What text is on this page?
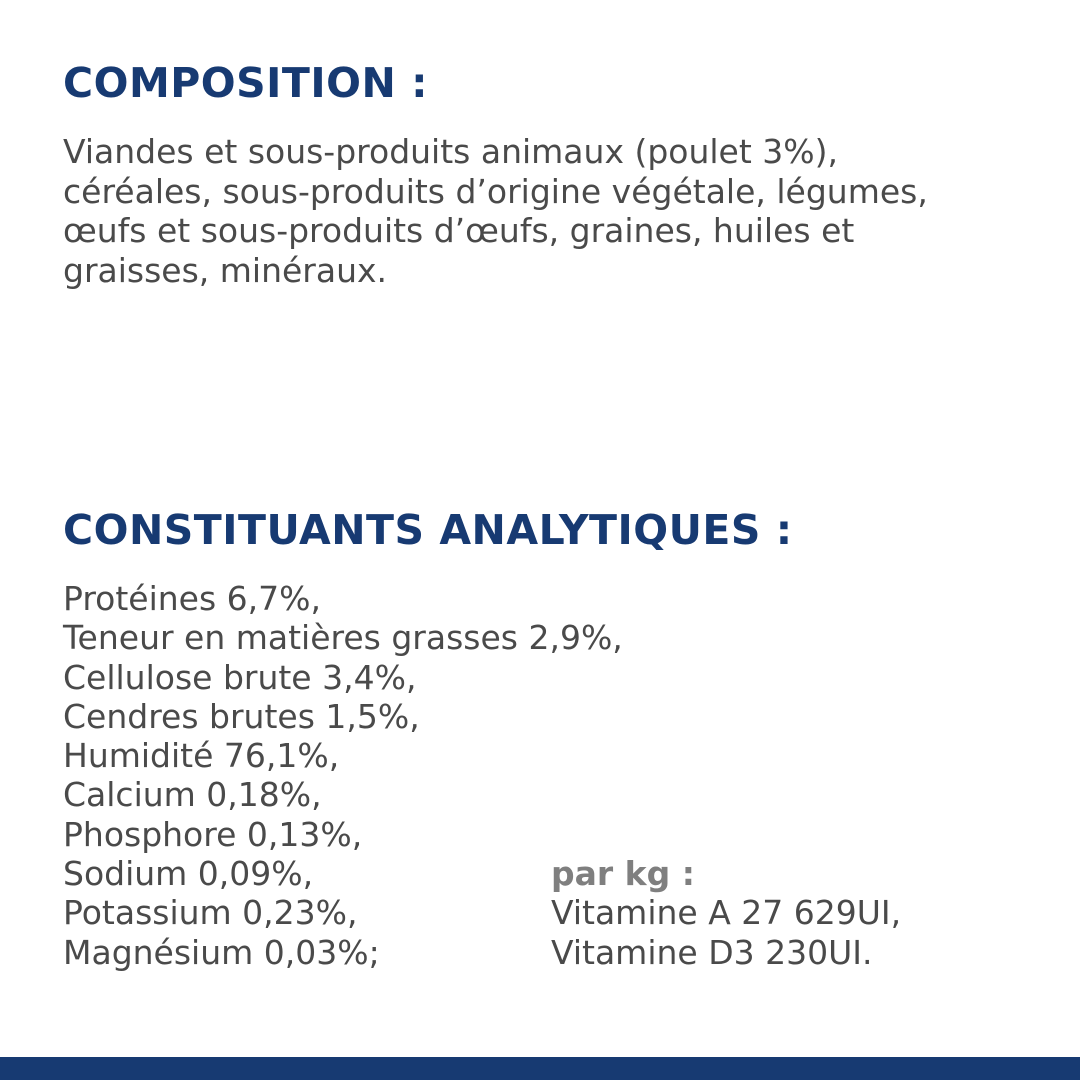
COMPOSITION :

Viandes et sous-produits animaux (poulet 3%),
céréales, sous-produits d’origine végétale, légumes,
œufs et sous-produits d’œufs, graines, huiles et
graisses, minéraux.

CONSTITUANTS ANALYTIQUES :
Protéines 6,7%,
Teneur en matières grasses 2,9%,
Cellulose brute 3,4%,
Cendres brutes 1,5%,
Humidité 76,1%,
Calcium 0,18%,
Phosphore 0,13%,
Sodium 0,09%,
Potassium 0,23%,
Magnésium 0,03%;
par kg :
Vitamine A 27 629UI,
Vitamine D3 230UI.
